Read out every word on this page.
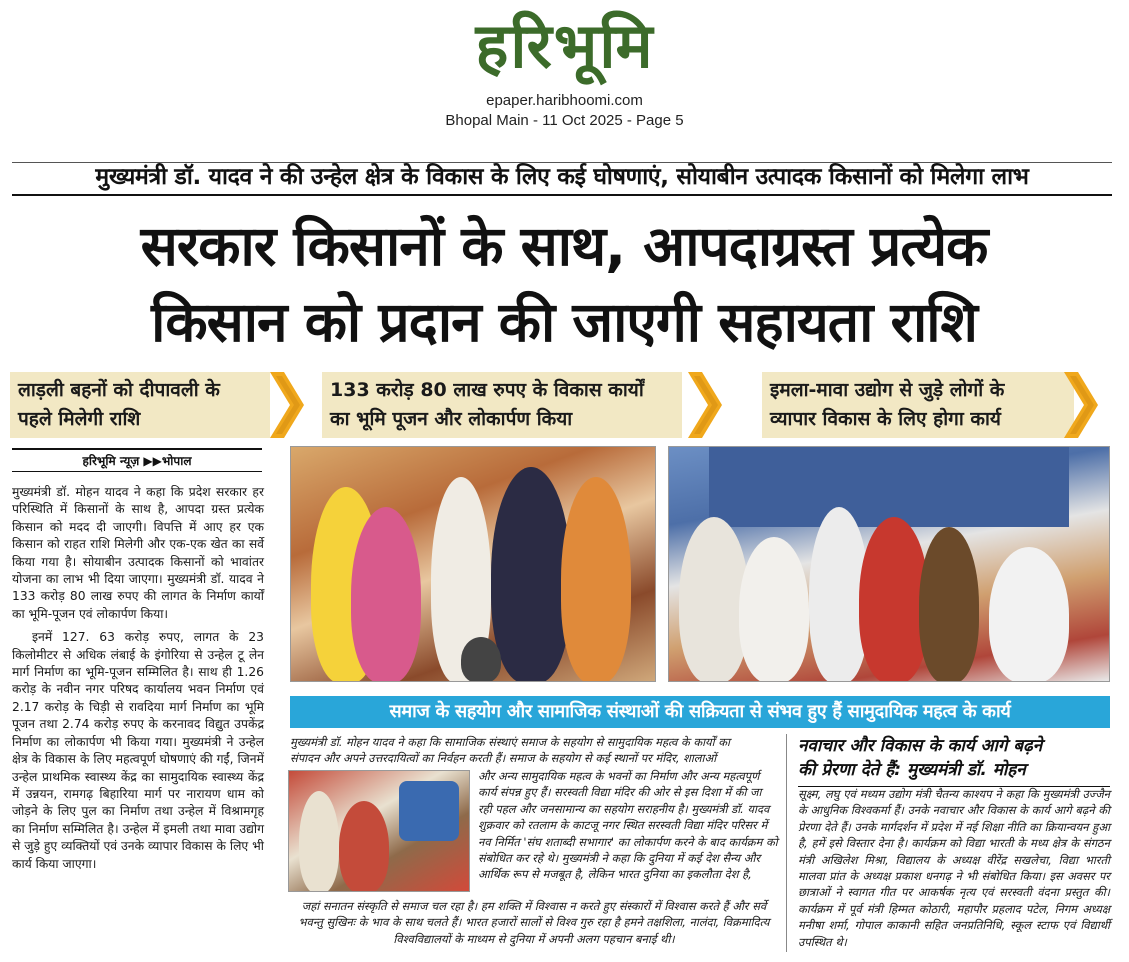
हरिभूमि
epaper.haribhoomi.com
Bhopal Main - 11 Oct 2025 - Page 5
मुख्यमंत्री डॉ. यादव ने की उन्हेल क्षेत्र के विकास के लिए कई घोषणाएं, सोयाबीन उत्पादक किसानों को मिलेगा लाभ
सरकार किसानों के साथ, आपदाग्रस्त प्रत्येक
किसान को प्रदान की जाएगी सहायता राशि
लाड़ली बहनों को दीपावली के
पहले मिलेगी राशि
133 करोड़ 80 लाख रुपए के विकास कार्यों
का भूमि पूजन और लोकार्पण किया
इमला-मावा उद्योग से जुड़े लोगों के
व्यापार विकास के लिए होगा कार्य
हरिभूमि न्यूज़ ▶▶भोपाल

मुख्यमंत्री डॉ. मोहन यादव ने कहा कि प्रदेश सरकार हर परिस्थिति में किसानों के साथ है, आपदा ग्रस्त प्रत्येक किसान को मदद दी जाएगी। विपत्ति में आए हर एक किसान को राहत राशि मिलेगी और एक-एक खेत का सर्वे किया गया है। सोयाबीन उत्पादक किसानों को भावांतर योजना का लाभ भी दिया जाएगा। मुख्यमंत्री डॉ. यादव ने 133 करोड़ 80 लाख रुपए की लागत के निर्माण कार्यों का भूमि-पूजन एवं लोकार्पण किया।

इनमें 127. 63 करोड़ रुपए, लागत के 23 किलोमीटर से अधिक लंबाई के इंगोरिया से उन्हेल टू लेन मार्ग निर्माण का भूमि-पूजन सम्मिलित है। साथ ही 1.26 करोड़ के नवीन नगर परिषद कार्यालय भवन निर्माण एवं 2.17 करोड़ के चिड़ी से रावदिया मार्ग निर्माण का भूमि पूजन तथा 2.74 करोड़ रुपए के करनावद विद्युत उपकेंद्र निर्माण का लोकार्पण भी किया गया। मुख्यमंत्री ने उन्हेल क्षेत्र के विकास के लिए महत्वपूर्ण घोषणाएं की गईं, जिनमें उन्हेल प्राथमिक स्वास्थ्य केंद्र का सामुदायिक स्वास्थ्य केंद्र में उन्नयन, रामगढ़ बिहारिया मार्ग पर नारायण धाम को जोड़ने के लिए पुल का निर्माण तथा उन्हेल में विश्रामगृह का निर्माण सम्मिलित है। उन्हेल में इमली तथा मावा उद्योग से जुड़े हुए व्यक्तियों एवं उनके व्यापार विकास के लिए भी कार्य किया जाएगा।

समाज के सहयोग और सामाजिक संस्थाओं की सक्रियता से संभव हुए हैं सामुदायिक महत्व के कार्य
मुख्यमंत्री डॉ. मोहन यादव ने कहा कि सामाजिक संस्थाएं समाज के सहयोग से सामुदायिक महत्व के कार्यों का
संपादन और अपने उत्तरदायित्वों का निर्वहन करती हैं। समाज के सहयोग से कई स्थानों पर मंदिर, शालाओं
और अन्य सामुदायिक महत्व के भवनों का निर्माण और अन्य महत्वपूर्ण कार्य संपन्न हुए हैं। सरस्वती विद्या मंदिर की ओर से इस दिशा में की जा रही पहल और जनसामान्य का सहयोग सराहनीय है। मुख्यमंत्री डॉ. यादव शुक्रवार को रतलाम के काटजू नगर स्थित सरस्वती विद्या मंदिर परिसर में नव निर्मित 'संघ शताब्दी सभागार' का लोकार्पण करने के बाद कार्यक्रम को संबोधित कर रहे थे। मुख्यमंत्री ने कहा कि दुनिया में कई देश सैन्य और आर्थिक रूप से मजबूत है, लेकिन भारत दुनिया का इकलौता देश है,
जहां सनातन संस्कृति से समाज चल रहा है। हम शक्ति में विश्वास न करते हुए संस्कारों में विश्वास करते हैं और सर्वे भवन्तु सुखिनः के भाव के साथ चलते हैं। भारत हजारों सालों से विश्व गुरु रहा है हमने तक्षशिला, नालंदा, विक्रमादित्य विश्वविद्यालयों के माध्यम से दुनिया में अपनी अलग पहचान बनाई थी।
नवाचार और विकास के कार्य आगे बढ़ने
की प्रेरणा देते हैं: मुख्यमंत्री डॉ. मोहन
सूक्ष्म, लघु एवं मध्यम उद्योग मंत्री चैतन्य काश्यप ने कहा कि मुख्यमंत्री उज्जैन के आधुनिक विश्वकर्मा हैं। उनके नवाचार और विकास के कार्य आगे बढ़ने की प्रेरणा देते हैं। उनके मार्गदर्शन में प्रदेश में नई शिक्षा नीति का क्रियान्वयन हुआ है, हमें इसे विस्तार देना है। कार्यक्रम को विद्या भारती के मध्य क्षेत्र के संगठन मंत्री अखिलेश मिश्रा, विद्यालय के अध्यक्ष वीरेंद्र सखलेचा, विद्या भारती मालवा प्रांत के अध्यक्ष प्रकाश धनगढ़ ने भी संबोधित किया। इस अवसर पर छात्राओं ने स्वागत गीत पर आकर्षक नृत्य एवं सरस्वती वंदना प्रस्तुत की। कार्यक्रम में पूर्व मंत्री हिम्मत कोठारी, महापौर प्रहलाद पटेल, निगम अध्यक्ष मनीषा शर्मा, गोपाल काकानी सहित जनप्रतिनिधि, स्कूल स्टाफ एवं विद्यार्थी उपस्थित थे।
